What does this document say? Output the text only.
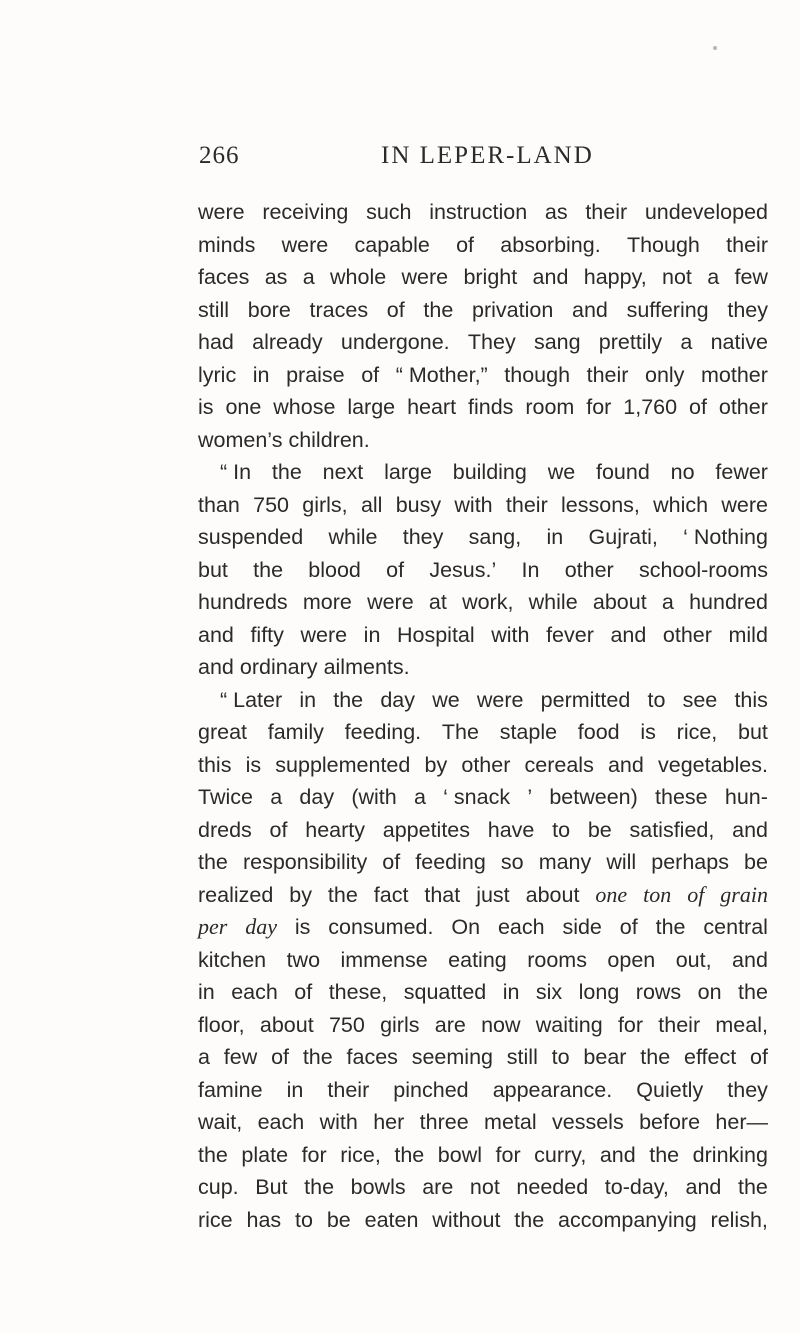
266	IN LEPER-LAND
were receiving such instruction as their undeveloped
minds were capable of absorbing. Though their
faces as a whole were bright and happy, not a few
still bore traces of the privation and suffering they
had already undergone. They sang prettily a native
lyric in praise of “ Mother,” though their only mother
is one whose large heart finds room for 1,760 of other
women’s children.
“ In the next large building we found no fewer
than 750 girls, all busy with their lessons, which were
suspended while they sang, in Gujrati, ‘ Nothing
but the blood of Jesus.’ In other school-rooms
hundreds more were at work, while about a hundred
and fifty were in Hospital with fever and other mild
and ordinary ailments.
“ Later in the day we were permitted to see this
great family feeding. The staple food is rice, but
this is supplemented by other cereals and vegetables.
Twice a day (with a ‘ snack ’ between) these hun-
dreds of hearty appetites have to be satisfied, and
the responsibility of feeding so many will perhaps be
realized by the fact that just about one ton of grain
per day is consumed. On each side of the central
kitchen two immense eating rooms open out, and
in each of these, squatted in six long rows on the
floor, about 750 girls are now waiting for their meal,
a few of the faces seeming still to bear the effect of
famine in their pinched appearance. Quietly they
wait, each with her three metal vessels before her—
the plate for rice, the bowl for curry, and the drinking
cup. But the bowls are not needed to-day, and the
rice has to be eaten without the accompanying relish,
